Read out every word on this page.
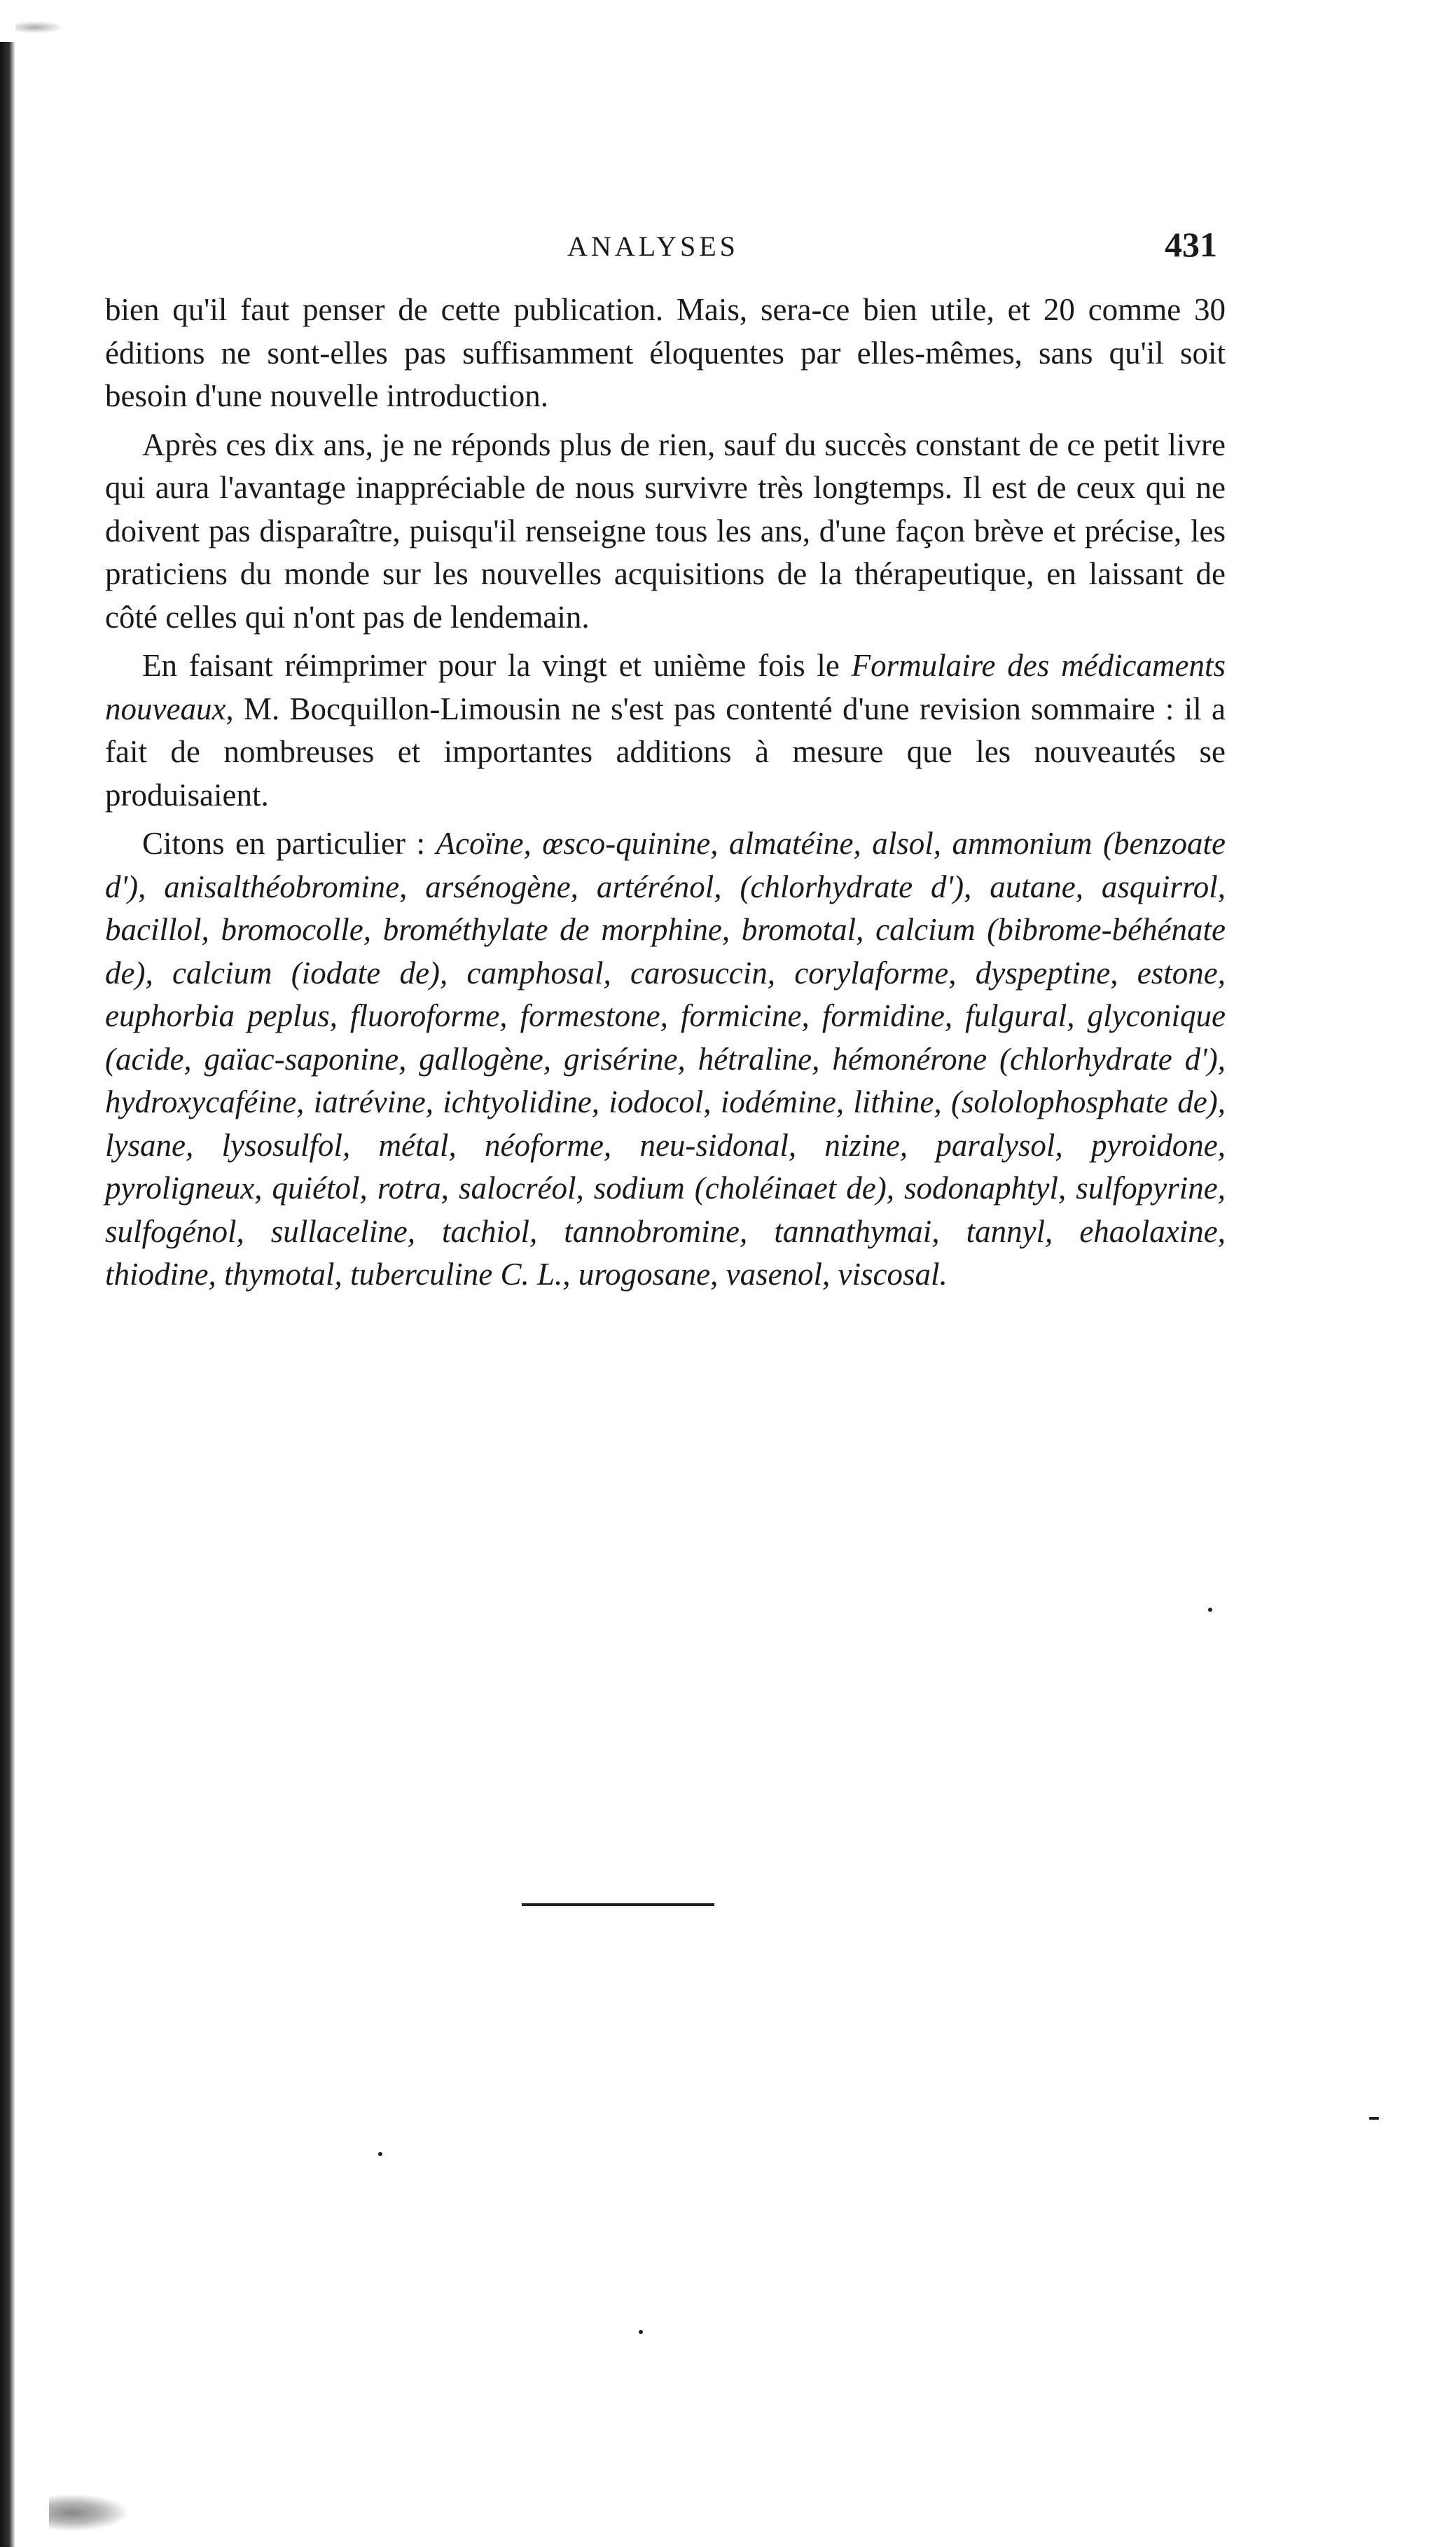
ANALYSES	431

bien qu'il faut penser de cette publication. Mais, sera-ce bien utile, et 20 comme 30 éditions ne sont-elles pas suffisamment éloquentes par elles-mêmes, sans qu'il soit besoin d'une nouvelle introduction.

Après ces dix ans, je ne réponds plus de rien, sauf du succès constant de ce petit livre qui aura l'avantage inappréciable de nous survivre très longtemps. Il est de ceux qui ne doivent pas disparaître, puisqu'il renseigne tous les ans, d'une façon brève et précise, les praticiens du monde sur les nouvelles acquisitions de la thérapeutique, en laissant de côté celles qui n'ont pas de lendemain.

En faisant réimprimer pour la vingt et unième fois le Formulaire des médicaments nouveaux, M. Bocquillon-Limousin ne s'est pas contenté d'une revision sommaire : il a fait de nombreuses et importantes additions à mesure que les nouveautés se produisaient.

Citons en particulier : Acoïne, œsco-quinine, almatéine, alsol, ammonium (benzoate d'), anisalthéobromine, arsénogène, artérénol, (chlorhydrate d'), autane, asquirrol, bacillol, bromocolle, brométhylate de morphine, bromotal, calcium (bibrome-béhénate de), calcium (iodate de), camphosal, carosuccin, corylaforme, dyspeptine, estone, euphorbia peplus, fluoroforme, formestone, formicine, formidine, fulgural, glyconique (acide, gaïac-saponine, gallogène, grisérine, hétraline, hémonérone (chlorhydrate d'), hydroxycaféine, iatrévine, ichtyolidine, iodocol, iodémine, lithine, (sololophosphate de), lysane, lysosulfol, métal, néoforme, neu-sidonal, nizine, paralysol, pyroidone, pyroligneux, quiétol, rotra, salocréol, sodium (choléinaet de), sodonaphtyl, sulfopyrine, sulfogénol, sullaceline, tachiol, tannobromine, tannathymai, tannyl, ehaolaxine, thiodine, thymotal, tuberculine C. L., urogosane, vasenol, viscosal.
